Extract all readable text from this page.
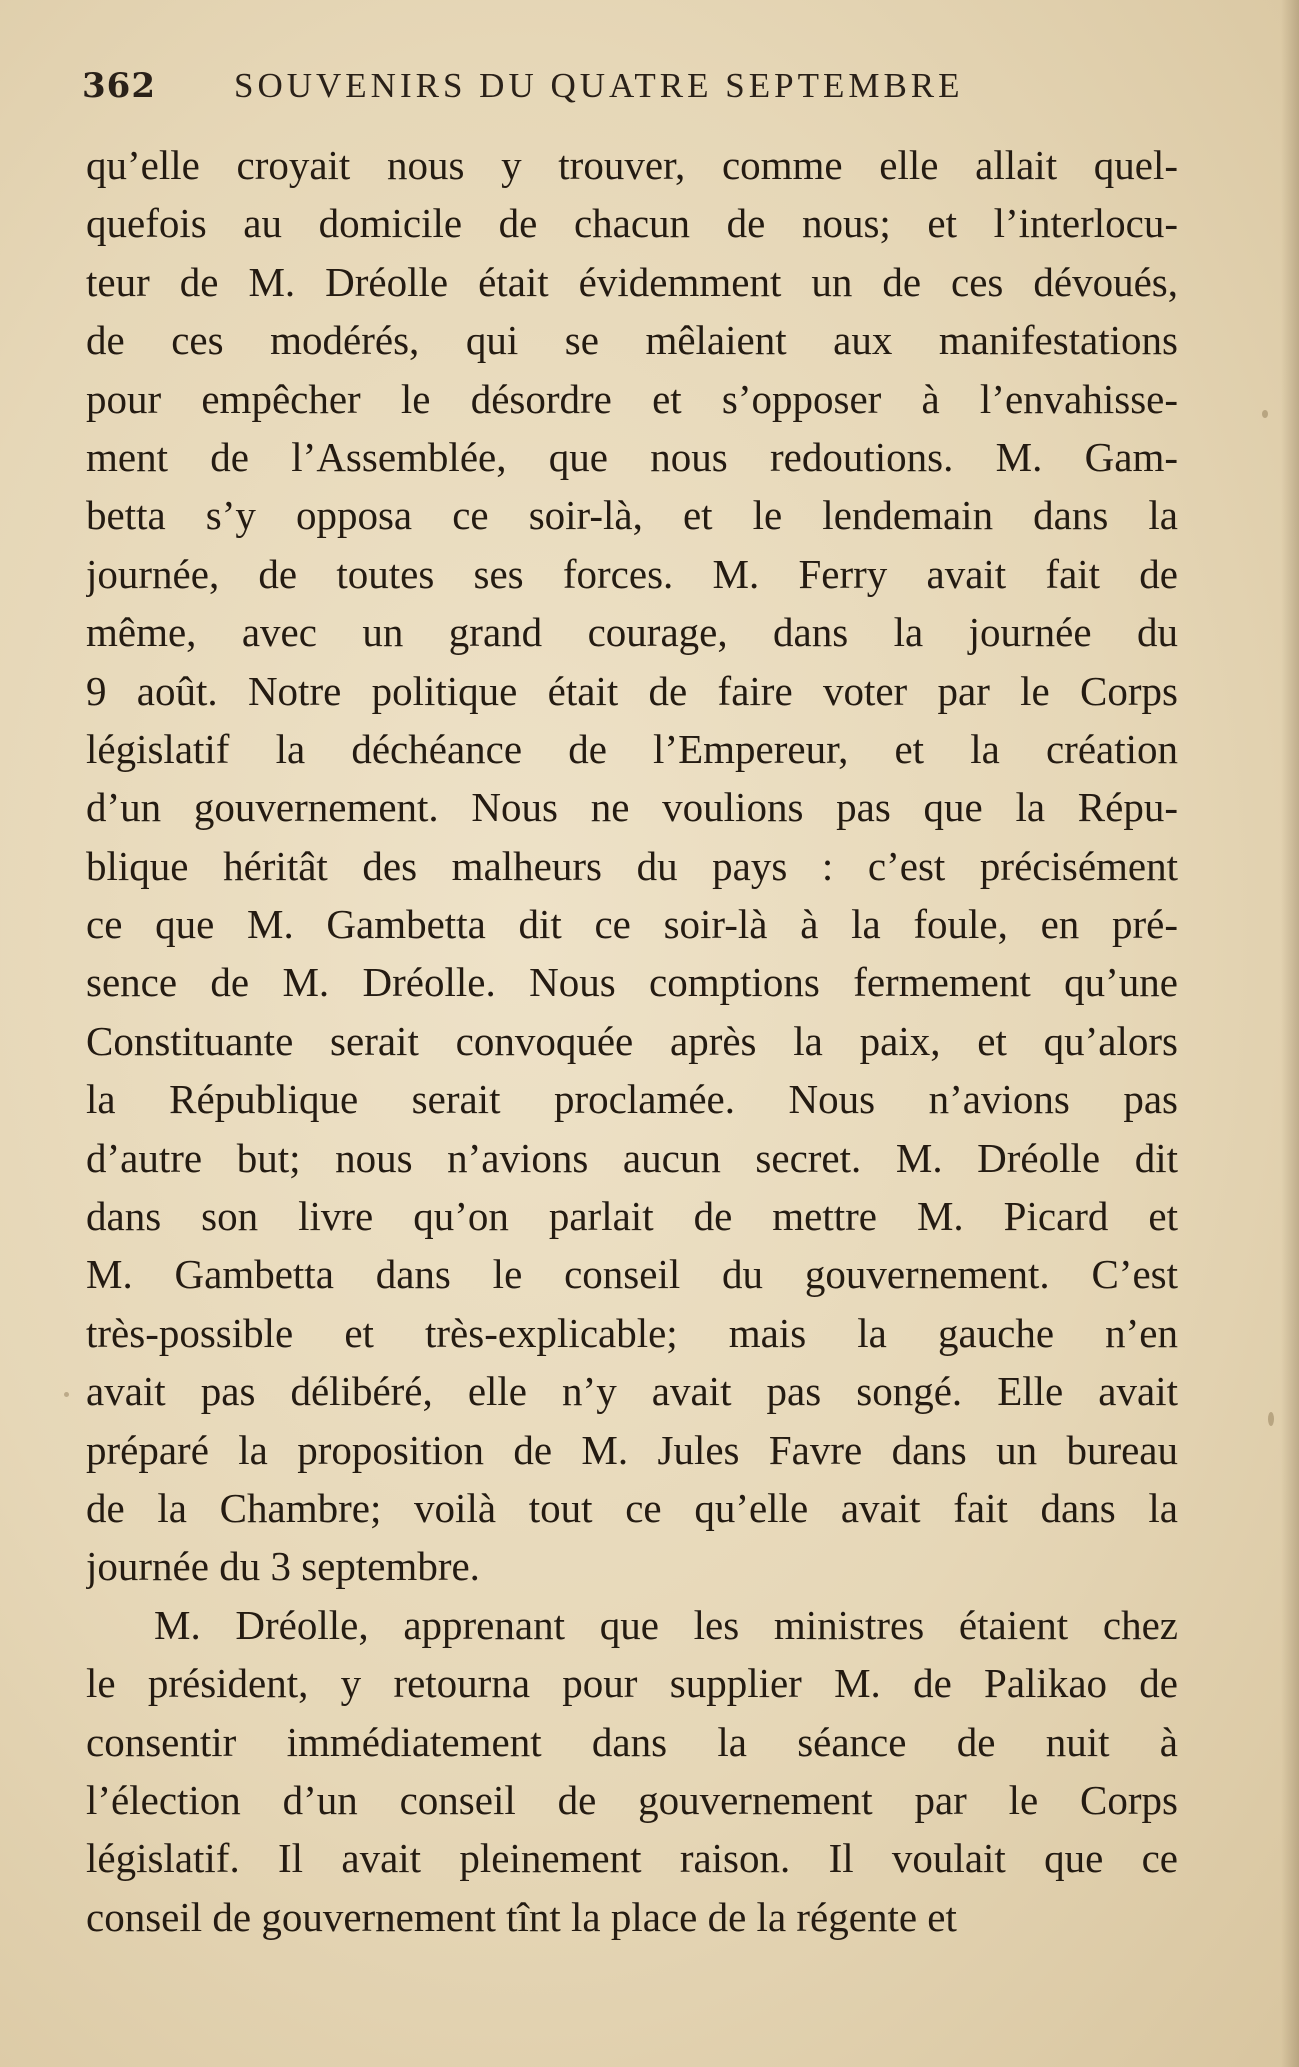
362 SOUVENIRS DU QUATRE SEPTEMBRE
qu’elle croyait nous y trouver, comme elle allait quel-
quefois au domicile de chacun de nous; et l’interlocu-
teur de M. Dréolle était évidemment un de ces dévoués,
de ces modérés, qui se mêlaient aux manifestations
pour empêcher le désordre et s’opposer à l’envahisse-
ment de l’Assemblée, que nous redoutions. M. Gam-
betta s’y opposa ce soir-là, et le lendemain dans la
journée, de toutes ses forces. M. Ferry avait fait de
même, avec un grand courage, dans la journée du
9 août. Notre politique était de faire voter par le Corps
législatif la déchéance de l’Empereur, et la création
d’un gouvernement. Nous ne voulions pas que la Répu-
blique héritât des malheurs du pays : c’est précisément
ce que M. Gambetta dit ce soir-là à la foule, en pré-
sence de M. Dréolle. Nous comptions fermement qu’une
Constituante serait convoquée après la paix, et qu’alors
la République serait proclamée. Nous n’avions pas
d’autre but; nous n’avions aucun secret. M. Dréolle dit
dans son livre qu’on parlait de mettre M. Picard et
M. Gambetta dans le conseil du gouvernement. C’est
très-possible et très-explicable; mais la gauche n’en
avait pas délibéré, elle n’y avait pas songé. Elle avait
préparé la proposition de M. Jules Favre dans un bureau
de la Chambre; voilà tout ce qu’elle avait fait dans la
journée du 3 septembre.
M. Dréolle, apprenant que les ministres étaient chez
le président, y retourna pour supplier M. de Palikao de
consentir immédiatement dans la séance de nuit à
l’élection d’un conseil de gouvernement par le Corps
législatif. Il avait pleinement raison. Il voulait que ce
conseil de gouvernement tînt la place de la régente et
